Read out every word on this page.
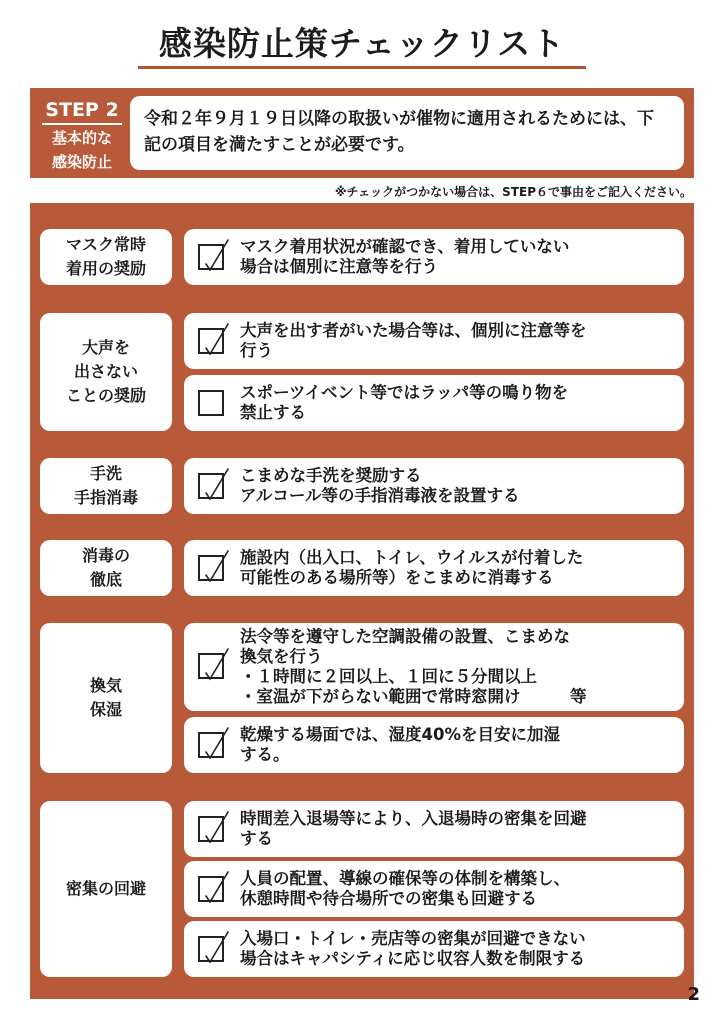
感染防止策チェックリスト
STEP 2
基本的な
感染防止
令和２年９月１９日以降の取扱いが催物に適用されるためには、下記の項目を満たすことが必要です。
※チェックがつかない場合は、STEP６で事由をご記入ください。
マスク常時
着用の奨励
大声を
出さない
ことの奨励
手洗
手指消毒
消毒の
徹底
換気
保湿
密集の回避
マスク着用状況が確認でき、着用していない
場合は個別に注意等を行う
大声を出す者がいた場合等は、個別に注意等を
行う
スポーツイベント等ではラッパ等の鳴り物を
禁止する
こまめな手洗を奨励する
アルコール等の手指消毒液を設置する
施設内（出入口、トイレ、ウイルスが付着した
可能性のある場所等）をこまめに消毒する
法令等を遵守した空調設備の設置、こまめな
換気を行う
・１時間に２回以上、１回に５分間以上
・室温が下がらない範囲で常時窓開け　　　等
乾燥する場面では、湿度40%を目安に加湿
する。
時間差入退場等により、入退場時の密集を回避
する
人員の配置、導線の確保等の体制を構築し、
休憩時間や待合場所での密集も回避する
入場口・トイレ・売店等の密集が回避できない
場合はキャパシティに応じ収容人数を制限する
2
